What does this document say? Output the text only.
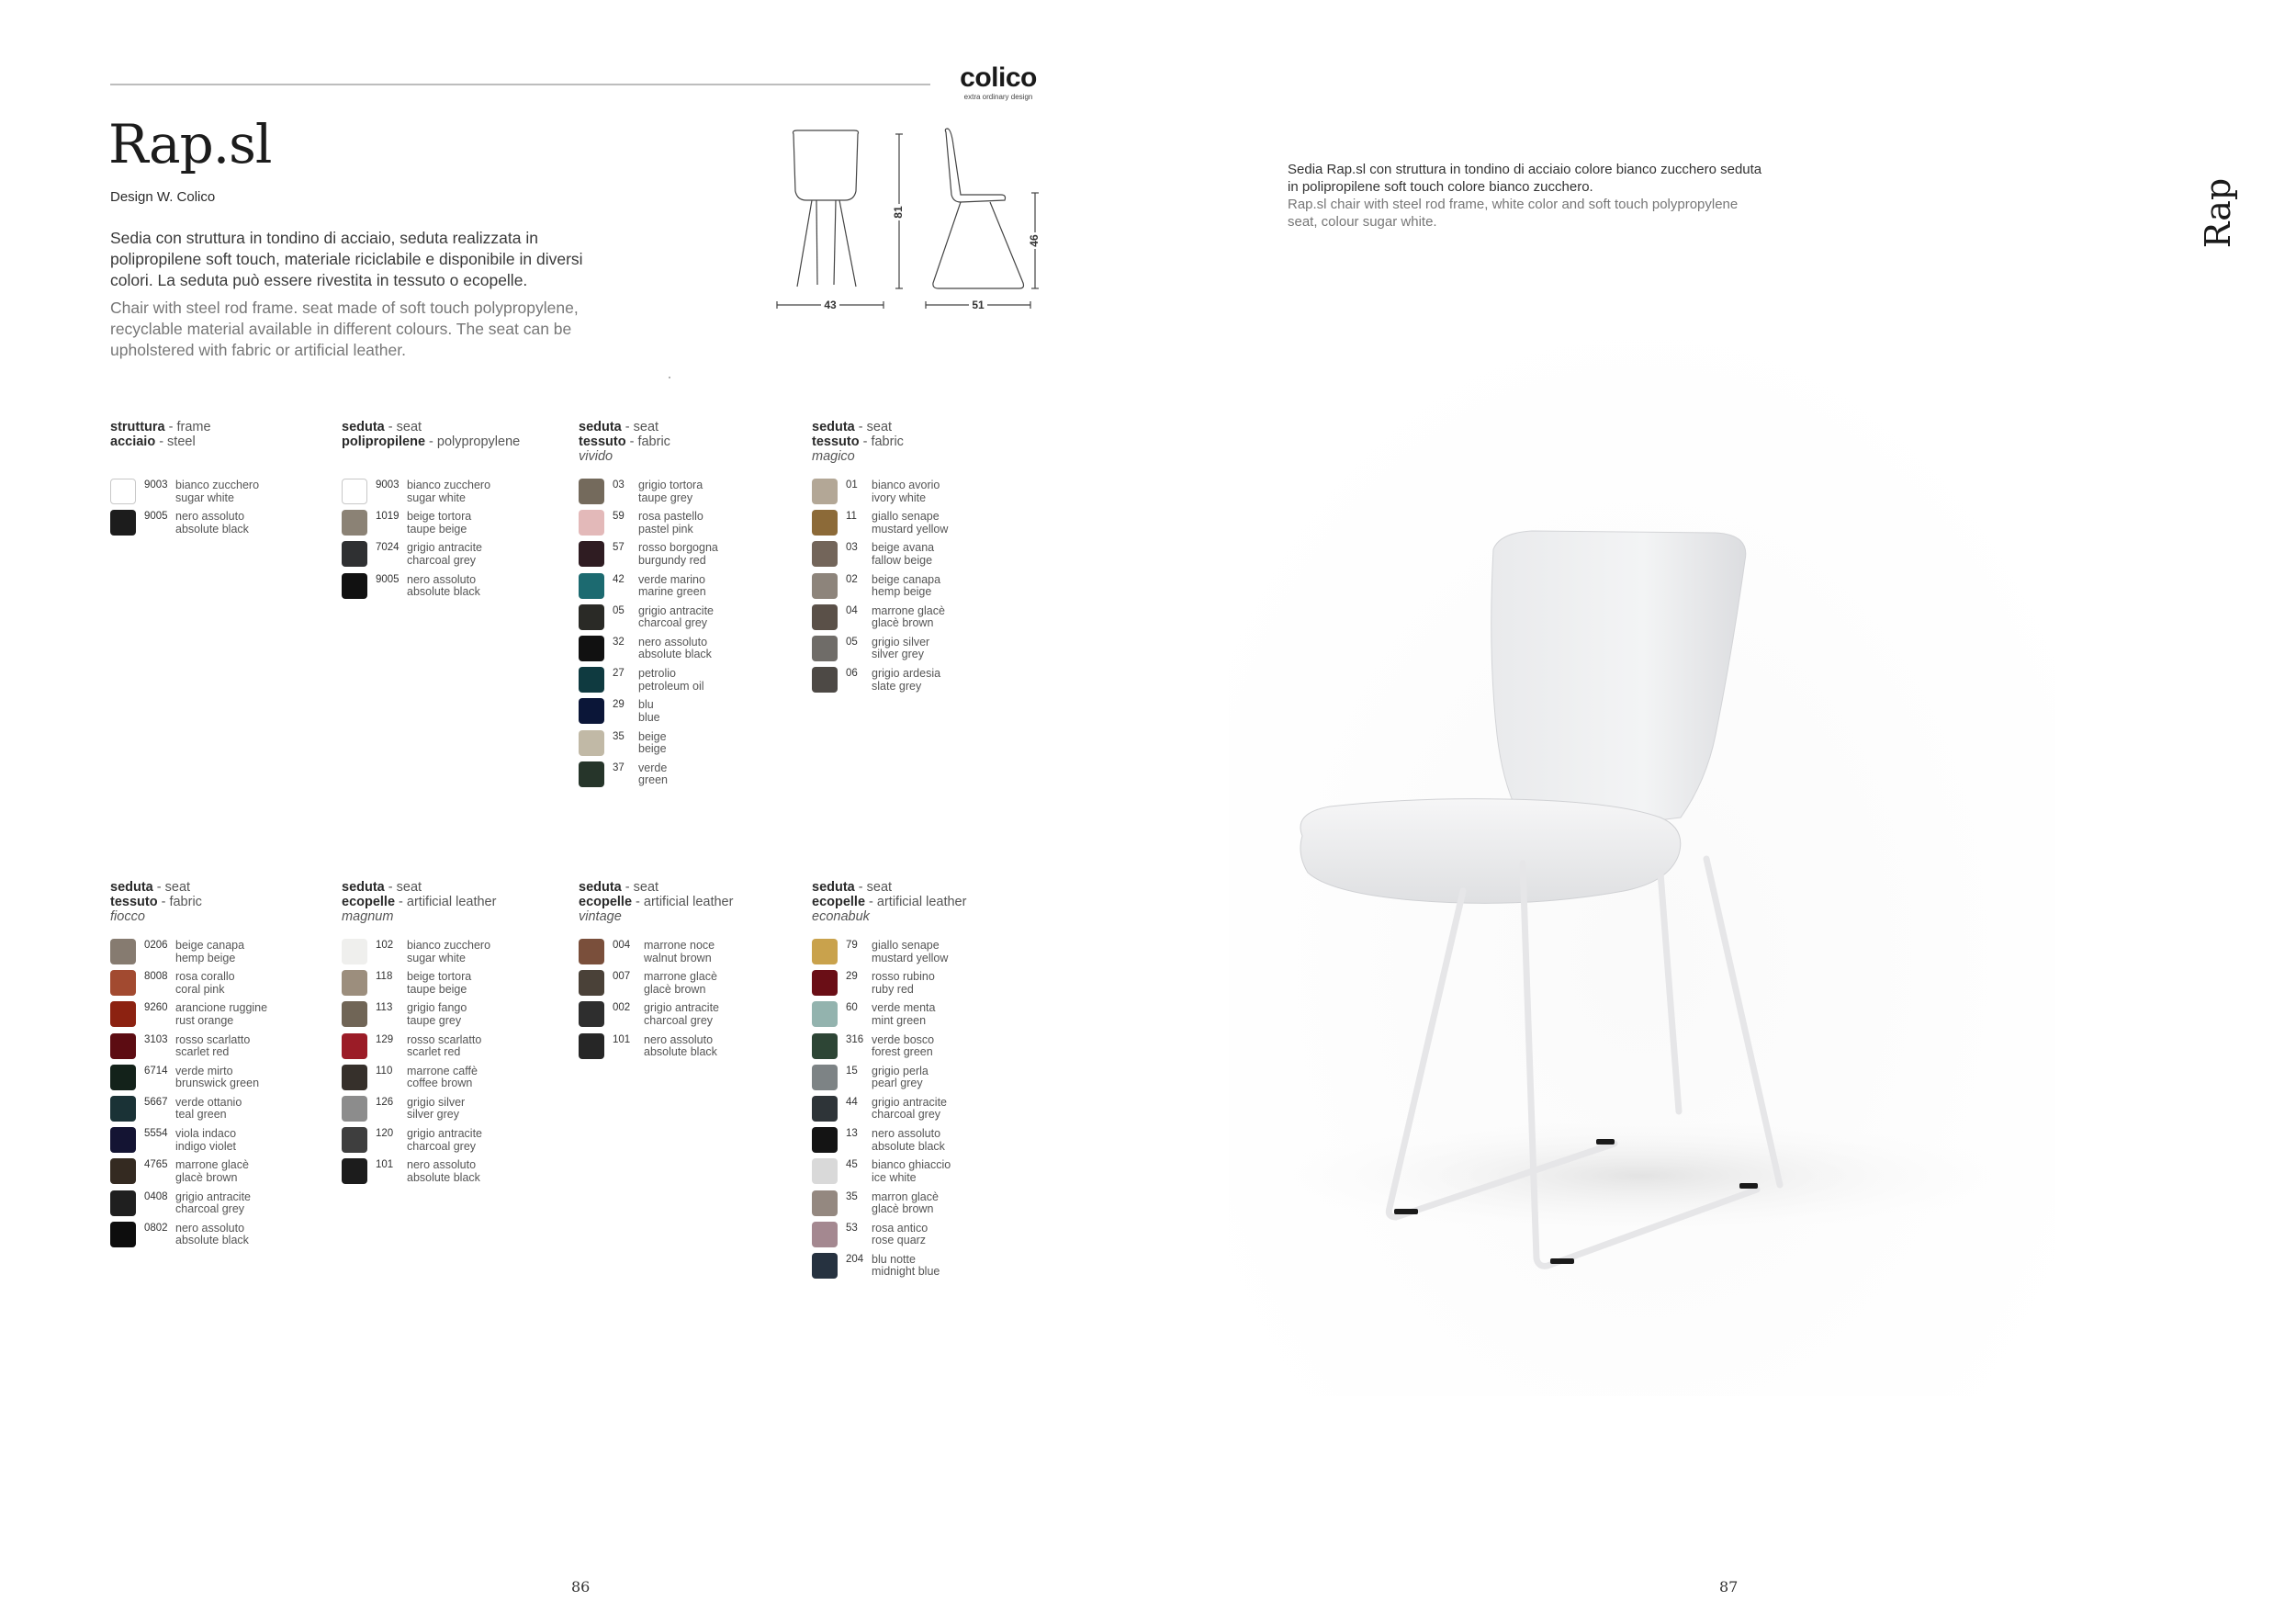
colico
extra ordinary design
Rap.sl
Design W. Colico
Sedia con struttura in tondino di acciaio, seduta realizzata in polipropilene soft touch, materiale riciclabile e disponibile in diversi colori. La seduta può essere rivestita in tessuto o ecopelle.
Chair with steel rod frame. seat made of soft touch polypropylene, recyclable material available in different colours. The seat can be upholstered with fabric or artificial leather.
81
46
43	51
struttura - frame
acciaio - steel
9003 bianco zucchero
sugar white
9005 nero assoluto
absolute black
seduta - seat
polipropilene - polypropylene
9003 bianco zucchero
sugar white
1019 beige tortora
taupe beige
7024 grigio antracite
charcoal grey
9005 nero assoluto
absolute black
seduta - seat
tessuto - fabric
vivido
03 grigio tortora
taupe grey
59 rosa pastello
pastel pink
57 rosso borgogna
burgundy red
42 verde marino
marine green
05 grigio antracite
charcoal grey
32 nero assoluto
absolute black
27 petrolio
petroleum oil
29 blu
blue
35 beige
beige
37 verde
green
seduta - seat
tessuto - fabric
magico
01 bianco avorio
ivory white
11 giallo senape
mustard yellow
03 beige avana
fallow beige
02 beige canapa
hemp beige
04 marrone glacè
glacè brown
05 grigio silver
silver grey
06 grigio ardesia
slate grey
seduta - seat
tessuto - fabric
fiocco
0206 beige canapa
hemp beige
8008 rosa corallo
coral pink
9260 arancione ruggine
rust orange
3103 rosso scarlatto
scarlet red
6714 verde mirto
brunswick green
5667 verde ottanio
teal green
5554 viola indaco
indigo violet
4765 marrone glacè
glacè brown
0408 grigio antracite
charcoal grey
0802 nero assoluto
absolute black
seduta - seat
ecopelle - artificial leather
magnum
102 bianco zucchero
sugar white
118 beige tortora
taupe beige
113 grigio fango
taupe grey
129 rosso scarlatto
scarlet red
110 marrone caffè
coffee brown
126 grigio silver
silver grey
120 grigio antracite
charcoal grey
101 nero assoluto
absolute black
seduta - seat
ecopelle - artificial leather
vintage
004 marrone noce
walnut brown
007 marrone glacè
glacè brown
002 grigio antracite
charcoal grey
101 nero assoluto
absolute black
seduta - seat
ecopelle - artificial leather
econabuk
79 giallo senape
mustard yellow
29 rosso rubino
ruby red
60 verde menta
mint green
316 verde bosco
forest green
15 grigio perla
pearl grey
44 grigio antracite
charcoal grey
13 nero assoluto
absolute black
45 bianco ghiaccio
ice white
35 marron glacè
glacè brown
53 rosa antico
rose quarz
204 blu notte
midnight blue
86
Rap
Sedia Rap.sl con struttura in tondino di acciaio colore bianco zucchero seduta in polipropilene soft touch colore bianco zucchero.
Rap.sl chair with steel rod frame, white color and soft touch polypropylene seat, colour sugar white.
87
